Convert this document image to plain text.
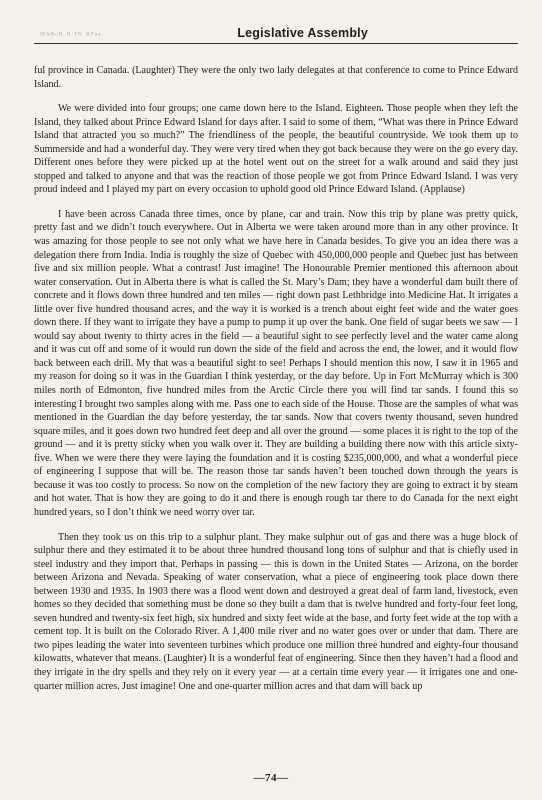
ᴹᴬᴿᶜᴴ ᴿ ᴵᴺ ᴿᴾᵃᵃ	Legislative Assembly

ful province in Canada. (Laughter) They were the only two lady delegates at that conference to come to Prince Edward Island.

We were divided into four groups; one came down here to the Island. Eighteen. Those people when they left the Island, they talked about Prince Edward Island for days after. I said to some of them, “What was there in Prince Edward Island that attracted you so much?” The friendliness of the people, the beautiful countryside. We took them up to Summerside and had a wonderful day. They were very tired when they got back because they were on the go every day. Different ones before they were picked up at the hotel went out on the street for a walk around and said they just stopped and talked to anyone and that was the reaction of those people we got from Prince Edward Island. I was very proud indeed and I played my part on every occasion to uphold good old Prince Edward Island. (Applause)

I have been across Canada three times, once by plane, car and train. Now this trip by plane was pretty quick, pretty fast and we didn’t touch everywhere. Out in Alberta we were taken around more than in any other province. It was amazing for those people to see not only what we have here in Canada besides. To give you an idea there was a delegation there from India. India is roughly the size of Quebec with 450,000,000 people and Quebec just has between five and six million people. What a contrast! Just imagine! The Honourable Premier mentioned this afternoon about water conservation. Out in Alberta there is what is called the St. Mary’s Dam; they have a wonderful dam built there of concrete and it flows down three hundred and ten miles — right down past Lethbridge into Medicine Hat. It irrigates a little over five hundred thousand acres, and the way it is worked is a trench about eight feet wide and the water goes down there. If they want to irrigate they have a pump to pump it up over the bank. One field of sugar beets we saw — I would say about twenty to thirty acres in the field — a beautiful sight to see perfectly level and the water came along and it was cut off and some of it would run down the side of the field and across the end, the lower, and it would flow back between each drill. My that was a beautiful sight to see! Perhaps I should mention this now, I saw it in 1965 and my reason for doing so it was in the Guardian I think yesterday, or the day before. Up in Fort McMurray which is 300 miles north of Edmonton, five hundred miles from the Arctic Circle there you will find tar sands. I found this so interesting I brought two samples along with me. Pass one to each side of the House. Those are the samples of what was mentioned in the Guardian the day before yesterday, the tar sands. Now that covers twenty thousand, seven hundred square miles, and it goes down two hundred feet deep and all over the ground — some places it is right to the top of the ground — and it is pretty sticky when you walk over it. They are building a building there now with this article sixty-five. When we were there they were laying the foundation and it is costing $235,000,000, and what a wonderful piece of engineering I suppose that will be. The reason those tar sands haven’t been touched down through the years is because it was too costly to process. So now on the completion of the new factory they are going to extract it by steam and hot water. That is how they are going to do it and there is enough rough tar there to do Canada for the next eight hundred years, so I don’t think we need worry over tar.

Then they took us on this trip to a sulphur plant. They make sulphur out of gas and there was a huge block of sulphur there and they estimated it to be about three hundred thousand long tons of sulphur and that is chiefly used in steel industry and they import that. Perhaps in passing — this is down in the United States — Arizona, on the border between Arizona and Nevada. Speaking of water conservation, what a piece of engineering took place down there between 1930 and 1935. In 1903 there was a flood went down and destroyed a great deal of farm land, livestock, even homes so they decided that something must be done so they built a dam that is twelve hundred and forty-four feet long, seven hundred and twenty-six feet high, six hundred and sixty feet wide at the base, and forty feet wide at the top with a cement top. It is built on the Colorado River. A 1,400 mile river and no water goes over or under that dam. There are two pipes leading the water into seventeen turbines which produce one million three hundred and eighty-four thousand kilowatts, whatever that means. (Laughter) It is a wonderful feat of engineering. Since then they haven’t had a flood and they irrigate in the dry spells and they rely on it every year — at a certain time every year — it irrigates one and one-quarter million acres. Just imagine! One and one-quarter million acres and that dam will back up

—74—
